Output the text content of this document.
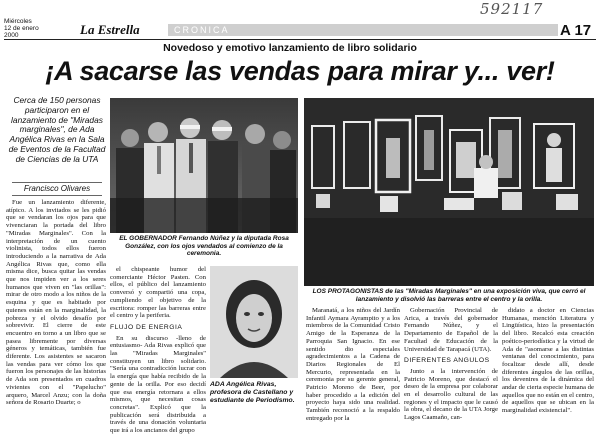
592117
Miércoles
12 de enero
2000	La Estrella	CRONICA	A 17
Novedoso y emotivo lanzamiento de libro solidario
¡A sacarse las vendas para mirar y... ver!
Cerca de 150 personas participaron en el lanzamiento de "Miradas marginales", de Ada Angélica Rivas en la Sala de Eventos de la Facultad de Ciencias de la UTA
Francisco Olivares

Fue un lanzamiento diferente, atípico. A los invitados se les pidió que se vendaran los ojos para que vivenciaran la portada del libro "Miradas Marginales". Con la interpretación de un cuento violinista, todos ellos fueron introduciendo a la narrativa de Ada Angélica Rivas que, como ella misma dice, busca quitar las vendas que nos impiden ver a los seres humanos que viven en "las orillas": mirar de otro modo a los niños de la esquina y que es habitado por quienes están en la marginalidad, la pobreza y el olvido desafío por sobrevivir. El cierre de este encuentro en torno a un libro que se pasea libremente por diversas géneros y temáticas, también fue diferente. Los asistentes se sacaron las vendas para ver cómo los que fueron los personajes de las historias de Ada son presentados en cuadros vivientes con el "Papelucho" arquero, Marcel Anzu; con la doña señora de Rosario Duarte; o

EL GOBERNADOR Fernando Núñez y la diputada Rosa González, con los ojos vendados al comienzo de la ceremonia.
LOS PROTAGONISTAS de las "Miradas Marginales" en una exposición viva, que cerró el lanzamiento y disolvió las barreras entre el centro y la orilla.

el chispeante humor del comerciante Héctor Pasten. Con ellos, el público del lanzamiento conversó y compartió una copa, cumpliendo el objetivo de la escritora: romper las barreras entre el centro y la periferia.

FLUJO DE ENERGIA

En su discurso -lleno de entusiasmo- Ada Rivas explicó que las "Miradas Marginales" constituyen un libro solidario. "Sería una contradicción lucrar con la energía que había recibido de la gente de la orilla. Por eso decidí que esa energía retornara a ellos mismos, que necesitan cosas concretas". Explicó que la publicación será distribuida a través de una donación voluntaria que irá a los ancianos del grupo

ADA Angélica Rivas, profesora de Castellano y estudiante de Periodismo.

Maranatá, a los niños del Jardín Infantil Aymara Ayrampito y a los miembros de la Comunidad Cristo Amigo de la Esperanza de la Parroquia San Ignacio. En ese sentido dio especiales agradecimientos a la Cadena de Diarios Regionales de El Mercurio, representada en la ceremonia por su gerente general, Patricio Moreno de Beer, por haber procedido a la edición del proyecto haya sido una realidad. También reconoció a la respaldo entregado por la

Gobernación Provincial de Arica, a través del gobernador Fernando Núñez, y el Departamento de Español de la Facultad de Educación de la Universidad de Tarapacá (UTA).

DIFERENTES ANGULOS

Junto a la intervención de Patricio Moreno, que destacó el deseo de la empresa por colaborar en el desarrollo cultural de las regiones y el impacto que le causó la obra, el decano de la UTA Jorge Lagos Caamaño, can-

didato a doctor en Ciencias Humanas, mención Literatura y Lingüística, hizo la presentación del libro. Recalcó esta creación poético-periodística y la virtud de Ada de "asomarse a las distintas ventanas del conocimiento, para focalizar desde allí, desde diferentes ángulos de las orillas, los devenires de la dinámica del andar de cierta especie humana de aquellos que no están en el centro, de aquellos que se ubican en la marginalidad existencial".
